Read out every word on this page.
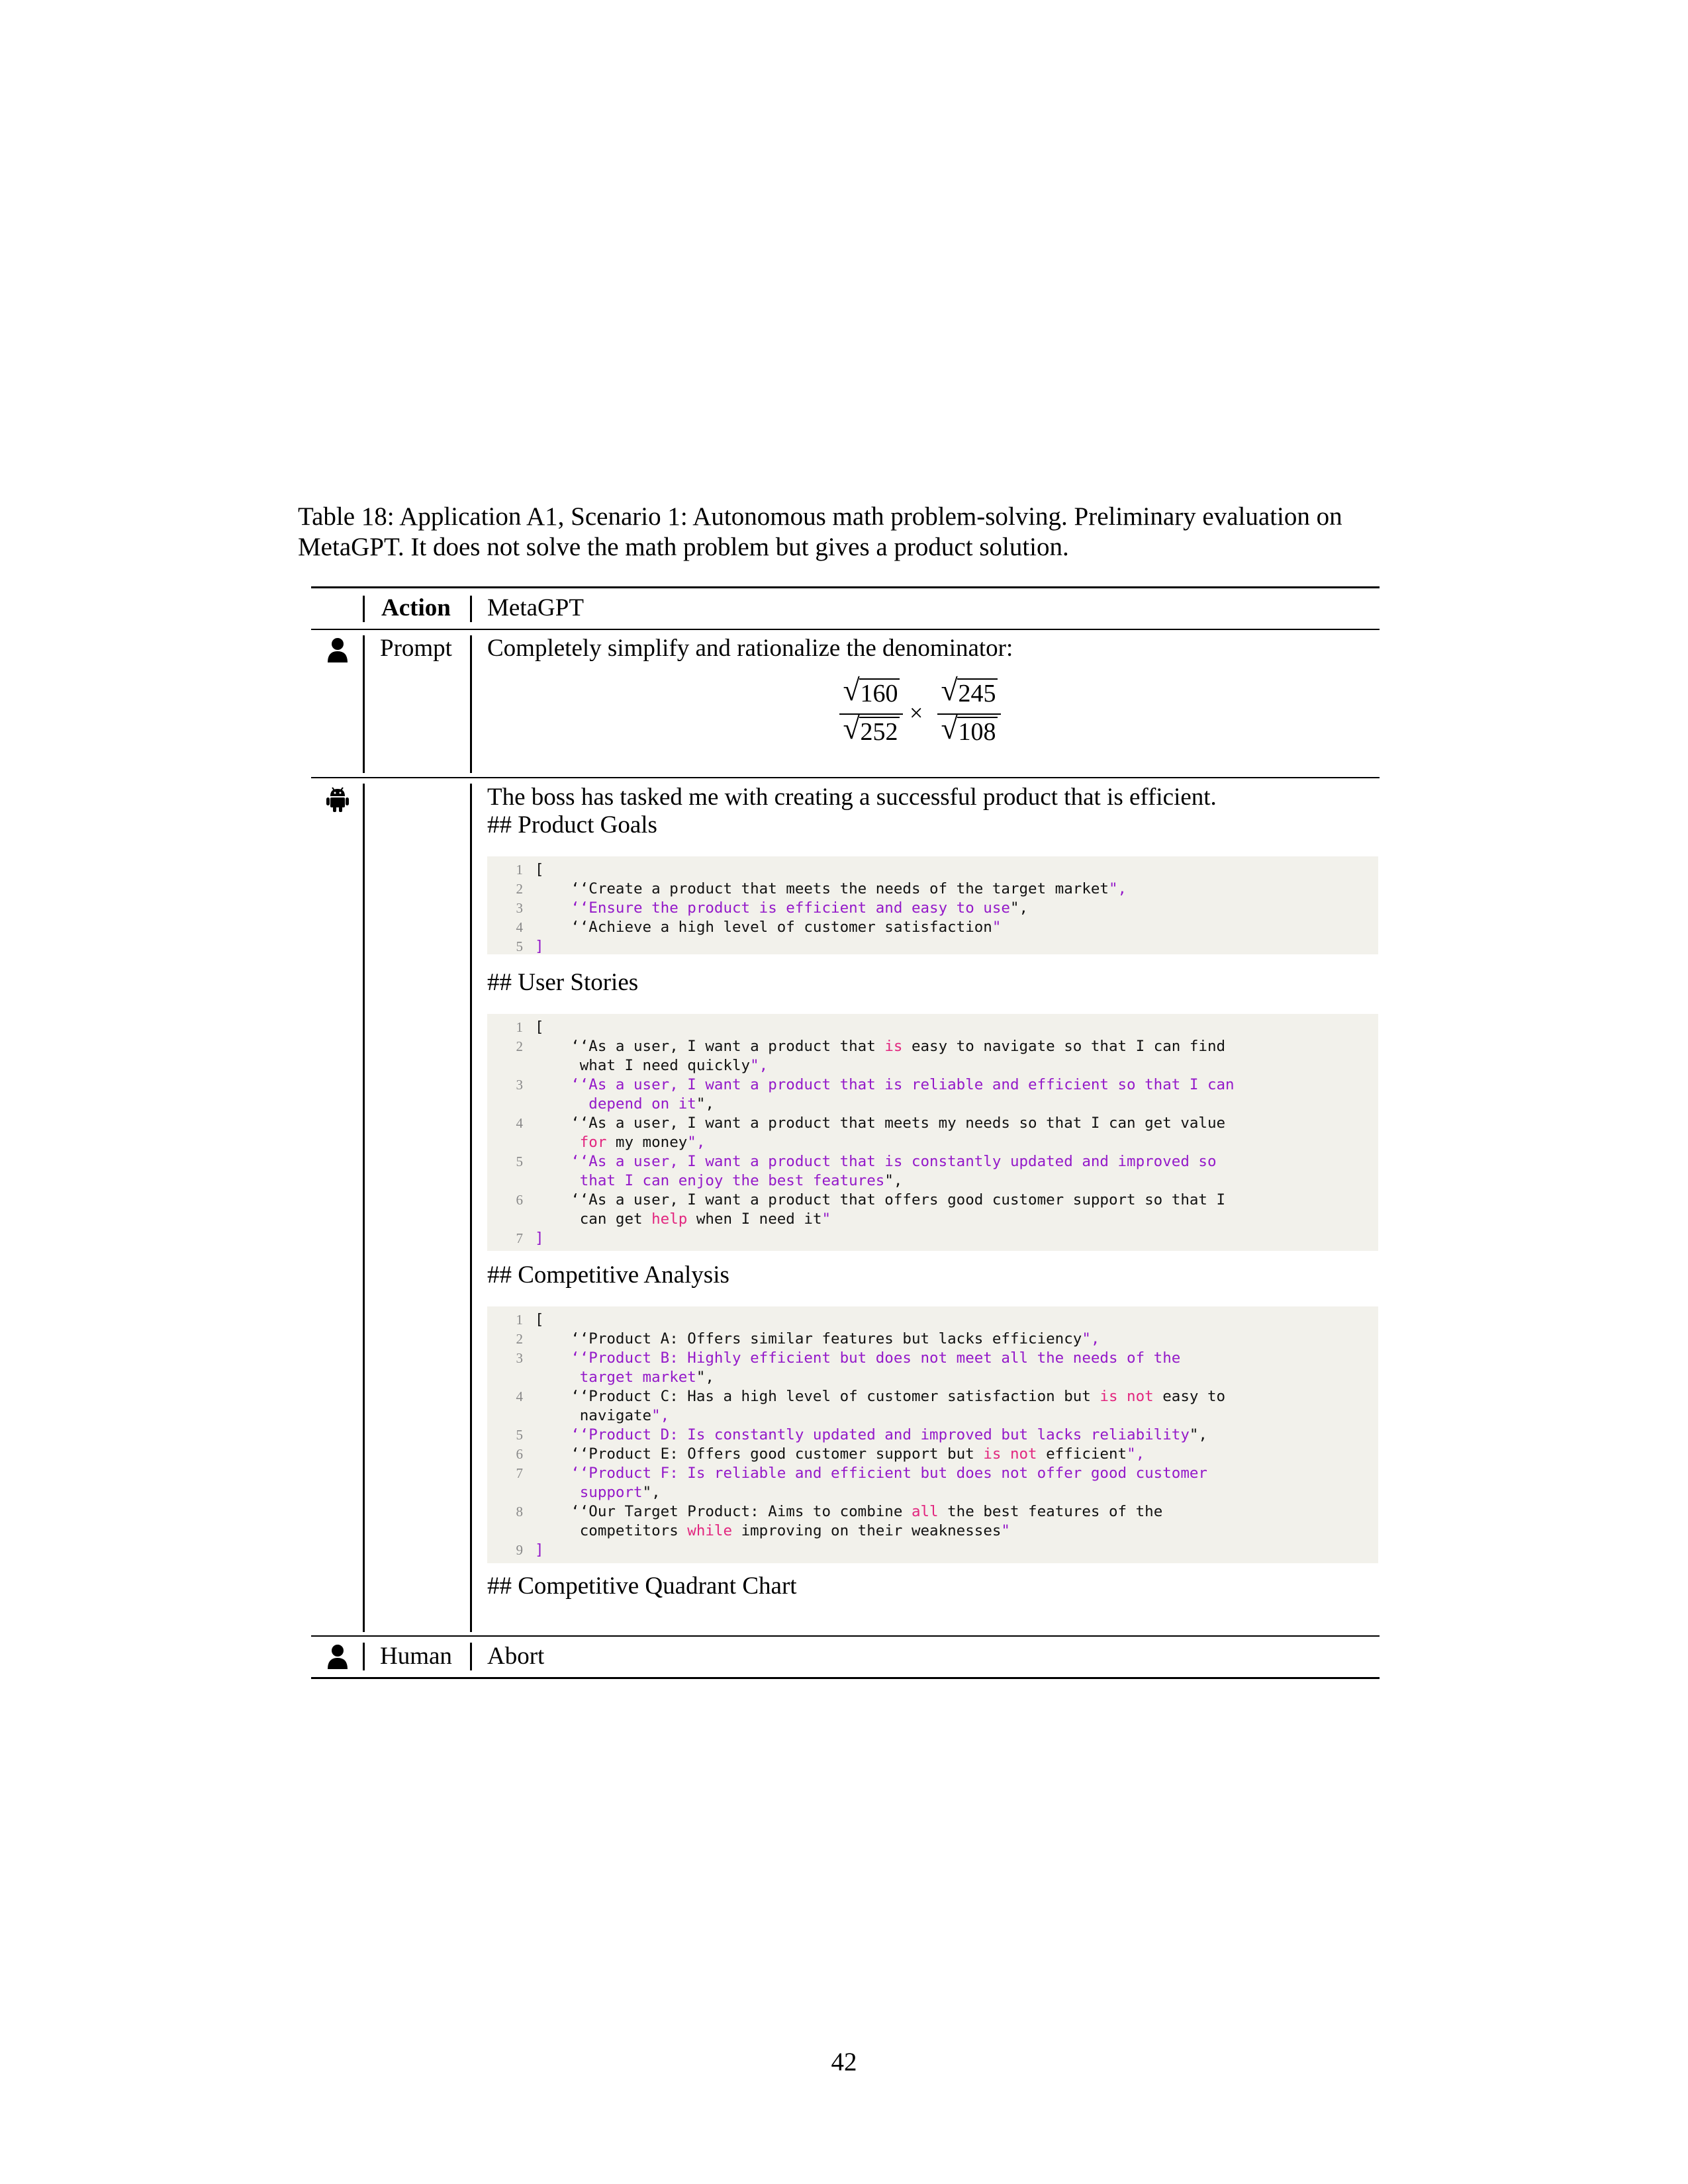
Table 18: Application A1, Scenario 1: Autonomous math problem-solving. Preliminary evaluation on MetaGPT. It does not solve the math problem but gives a product solution.
Action MetaGPT
Prompt Completely simplify and rationalize the denominator:
√ 160
√ 252
×
√ 245
√ 108
The boss has tasked me with creating a successful product that is efficient.
## Product Goals
1 [
2 ‘‘Create a product that meets the needs of the target market",
3 ‘‘Ensure the product is efficient and easy to use",
4 ‘‘Achieve a high level of customer satisfaction"
5 ]
## User Stories
1 [
2 ‘‘As a user, I want a product that is easy to navigate so that I can find
what I need quickly",
3 ‘‘As a user, I want a product that is reliable and efficient so that I can
depend on it",
4 ‘‘As a user, I want a product that meets my needs so that I can get value
for my money",
5 ‘‘As a user, I want a product that is constantly updated and improved so
that I can enjoy the best features",
6 ‘‘As a user, I want a product that offers good customer support so that I
can get help when I need it"
7 ]
## Competitive Analysis
1 [
2 ‘‘Product A: Offers similar features but lacks efficiency",
3 ‘‘Product B: Highly efficient but does not meet all the needs of the
target market",
4 ‘‘Product C: Has a high level of customer satisfaction but is not easy to
navigate",
5 ‘‘Product D: Is constantly updated and improved but lacks reliability",
6 ‘‘Product E: Offers good customer support but is not efficient",
7 ‘‘Product F: Is reliable and efficient but does not offer good customer
support",
8 ‘‘Our Target Product: Aims to combine all the best features of the
competitors while improving on their weaknesses"
9 ]
## Competitive Quadrant Chart
Human Abort
42
